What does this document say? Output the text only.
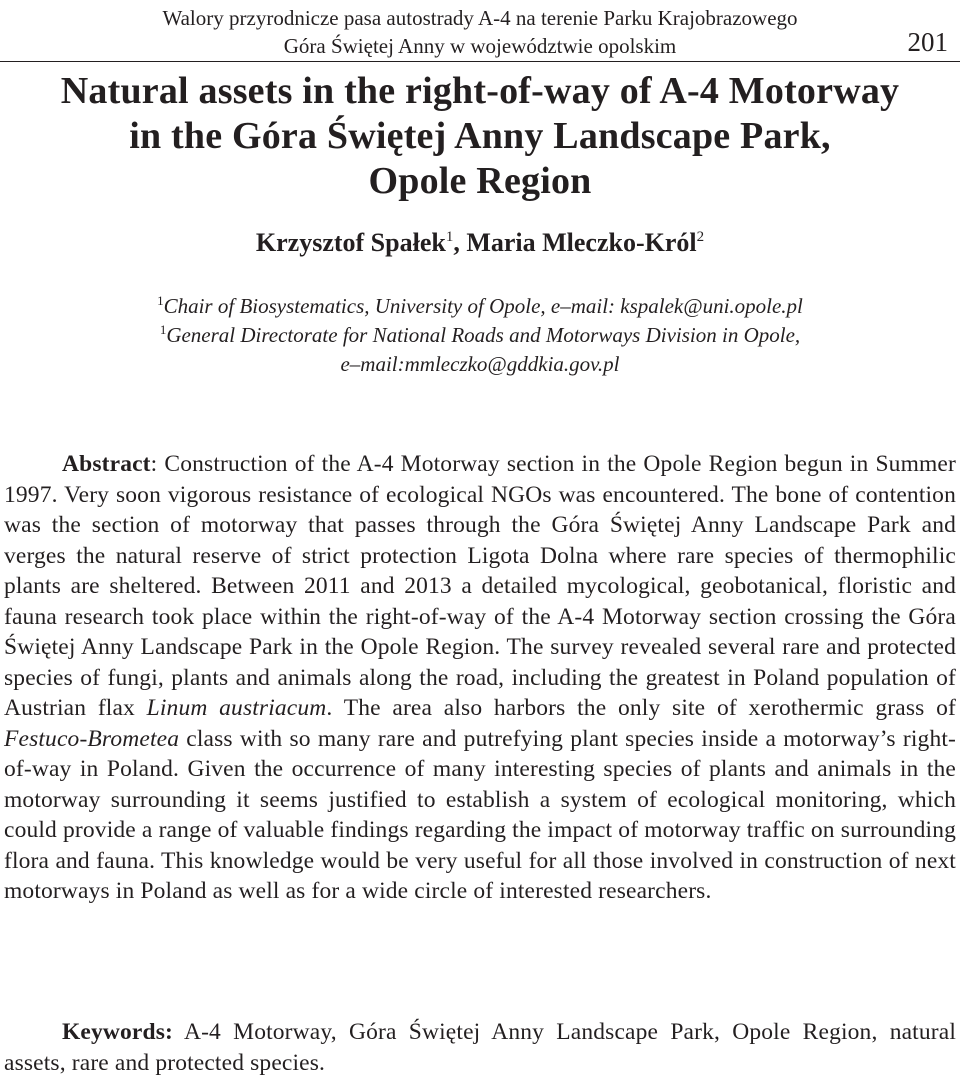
Walory przyrodnicze pasa autostrady A-4 na terenie Parku Krajobrazowego
Góra Świętej Anny w województwie opolskim	201
Natural assets in the right-of-way of A-4 Motorway
in the Góra Świętej Anny Landscape Park,
Opole Region
Krzysztof Spałek$^1$, Maria Mleczko-Król$^2$
$^1$Chair of Biosystematics, University of Opole, e–mail: kspalek@uni.opole.pl
$^1$General Directorate for National Roads and Motorways Division in Opole,
e–mail:mmleczko@gddkia.gov.pl

Abstract: Construction of the A-4 Motorway section in the Opole Region begun in Summer 1997. Very soon vigorous resistance of ecological NGOs was encountered. The bone of contention was the section of motorway that passes through the Góra Świętej Anny Landscape Park and verges the natural reserve of strict protection Ligota Dolna where rare species of thermophilic plants are sheltered. Between 2011 and 2013 a detailed mycological, geobotanical, floristic and fauna research took place within the right-of-way of the A-4 Motorway section crossing the Góra Świętej Anny Landscape Park in the Opole Region. The survey revealed several rare and protected species of fungi, plants and animals along the road, including the greatest in Poland population of Austrian flax Linum austriacum. The area also harbors the only site of xerothermic grass of Festuco-Brometea class with so many rare and putrefying plant species inside a motorway’s right-of-way in Poland. Given the occurrence of many interesting species of plants and animals in the motorway surrounding it seems justified to establish a system of ecological monitoring, which could provide a range of valuable findings regarding the impact of motorway traffic on surrounding flora and fauna. This knowledge would be very useful for all those involved in construction of next motorways in Poland as well as for a wide circle of interested researchers.

Keywords: A-4 Motorway, Góra Świętej Anny Landscape Park, Opole Region, natural assets, rare and protected species.
